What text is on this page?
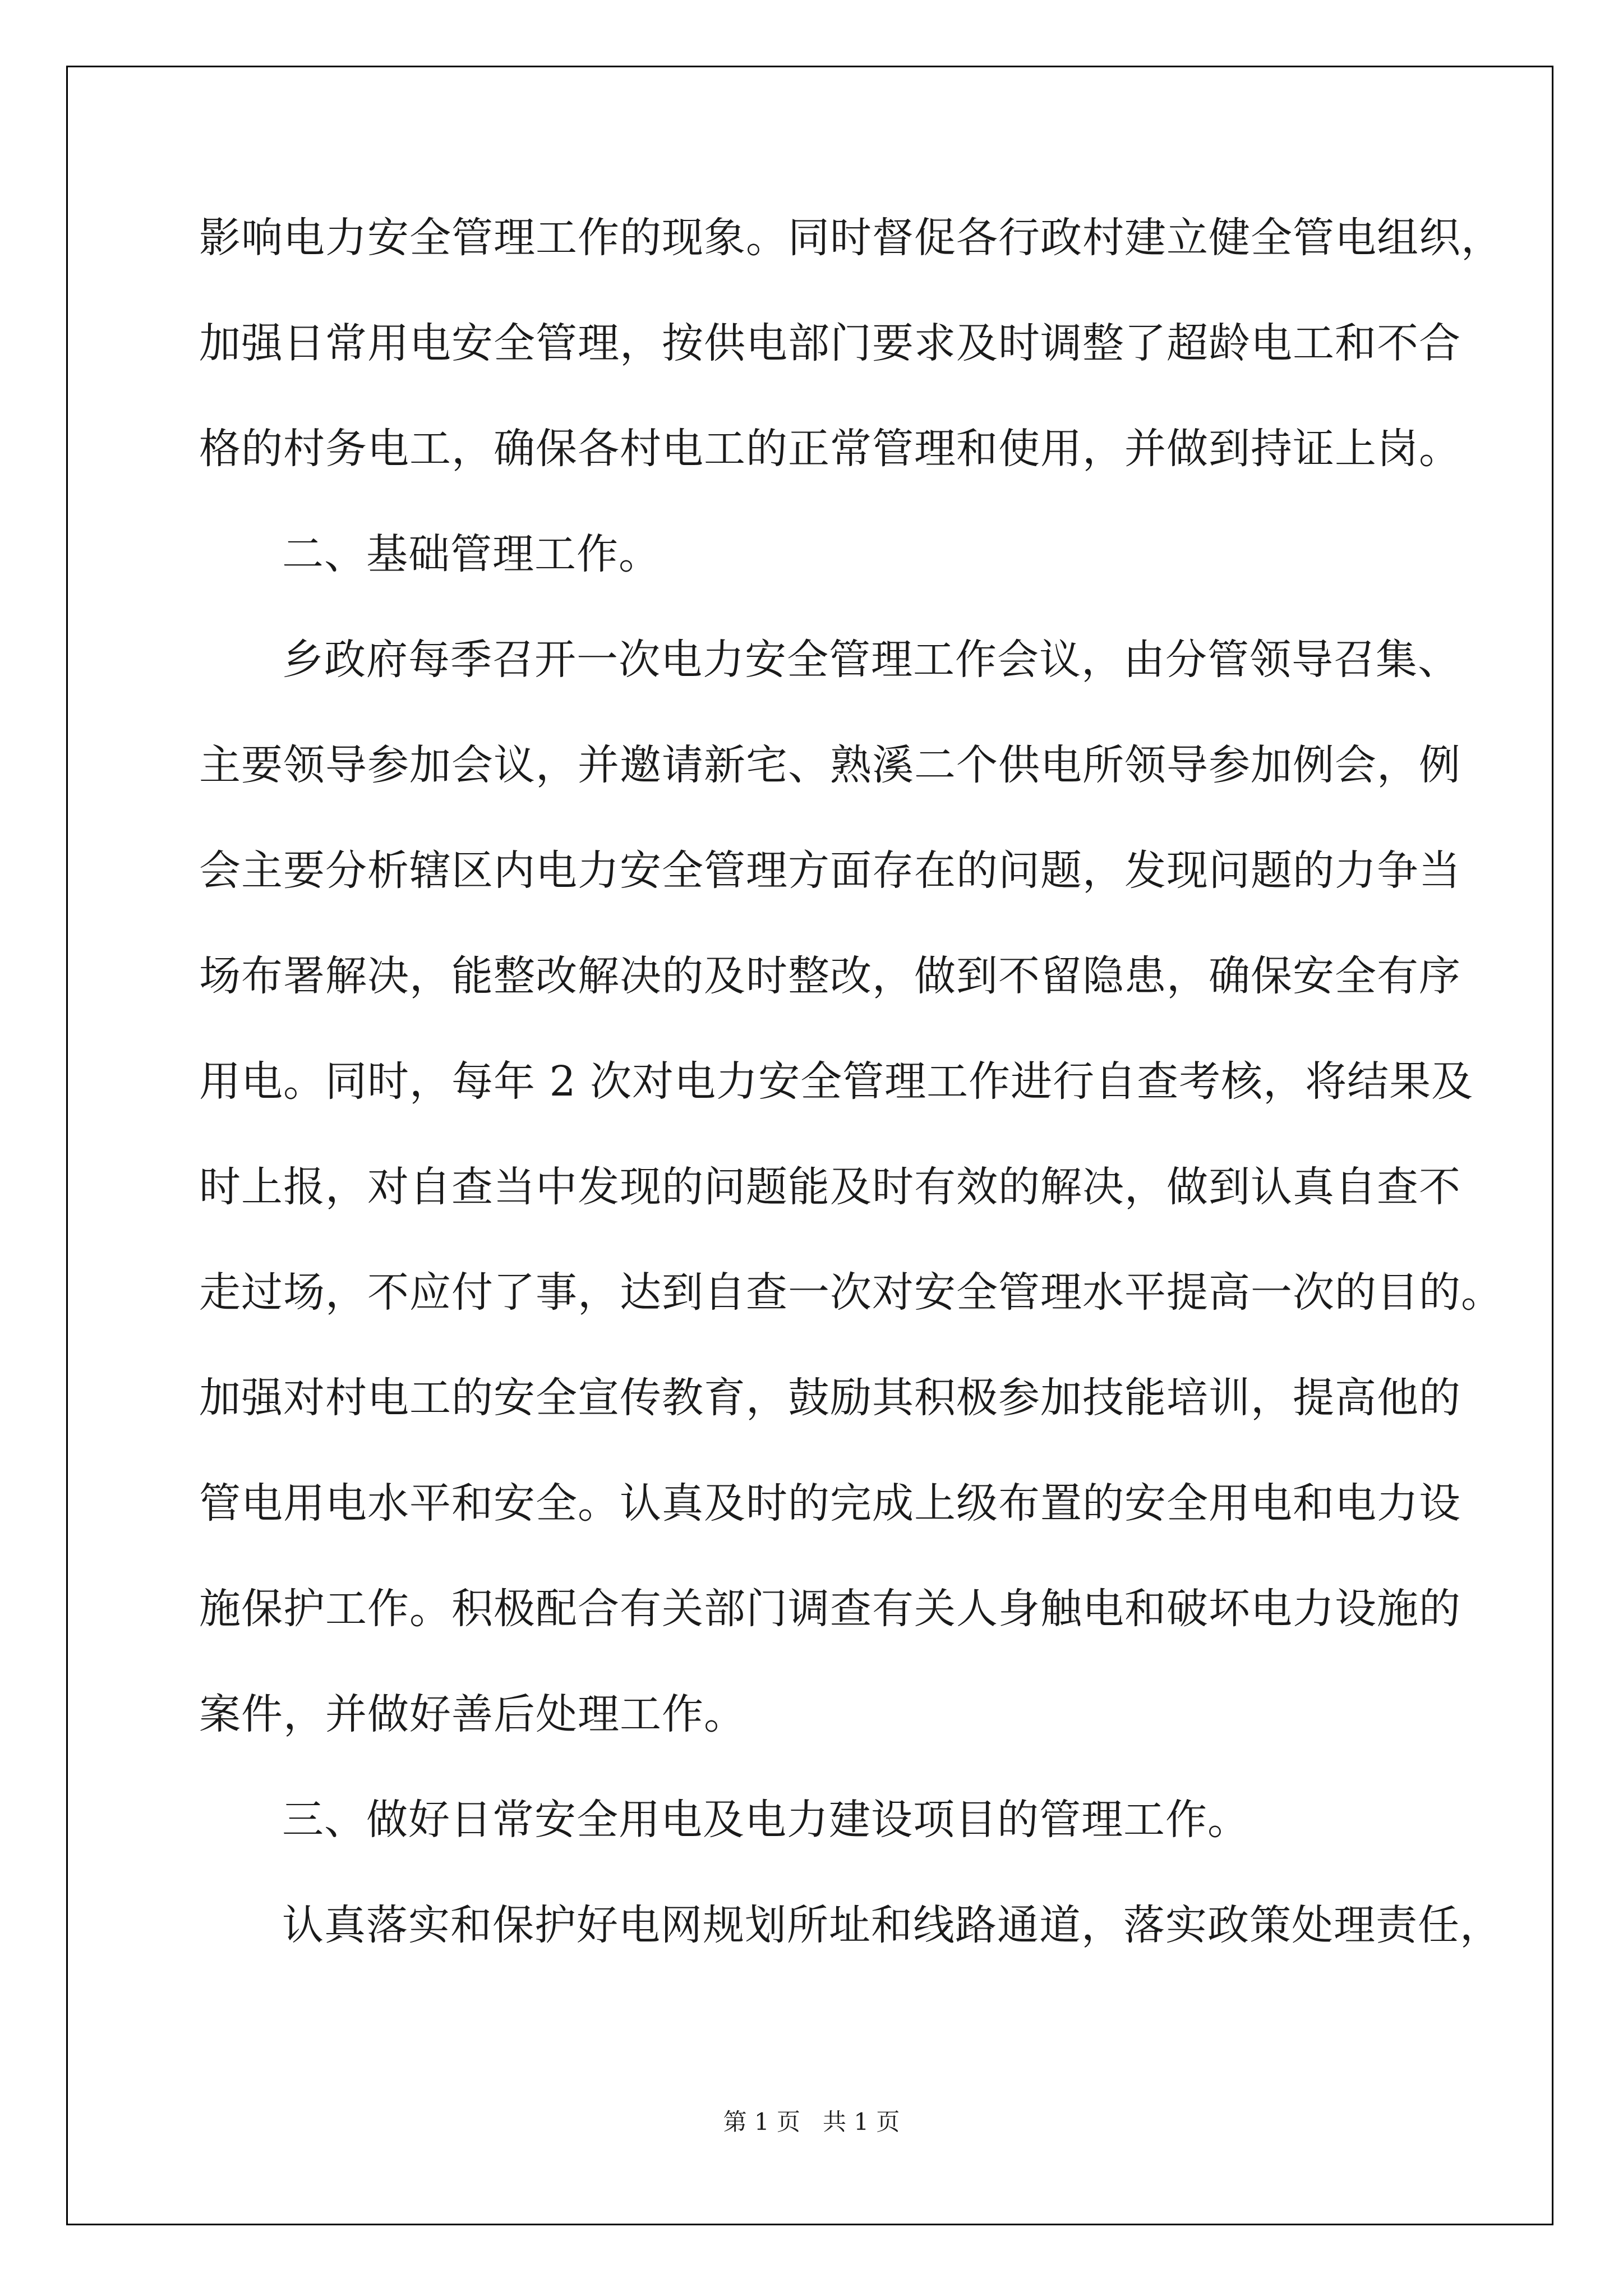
影响电力安全管理工作的现象。同时督促各行政村建立健全管电组织，
加强日常用电安全管理，按供电部门要求及时调整了超龄电工和不合
格的村务电工，确保各村电工的正常管理和使用，并做到持证上岗。
二、基础管理工作。
乡政府每季召开一次电力安全管理工作会议，由分管领导召集、
主要领导参加会议，并邀请新宅、熟溪二个供电所领导参加例会，例
会主要分析辖区内电力安全管理方面存在的问题，发现问题的力争当
场布署解决，能整改解决的及时整改，做到不留隐患，确保安全有序
用电。同时，每年 2 次对电力安全管理工作进行自查考核，将结果及
时上报，对自查当中发现的问题能及时有效的解决，做到认真自查不
走过场，不应付了事，达到自查一次对安全管理水平提高一次的目的。
加强对村电工的安全宣传教育，鼓励其积极参加技能培训，提高他的
管电用电水平和安全。认真及时的完成上级布置的安全用电和电力设
施保护工作。积极配合有关部门调查有关人身触电和破坏电力设施的
案件，并做好善后处理工作。
三、做好日常安全用电及电力建设项目的管理工作。
认真落实和保护好电网规划所址和线路通道，落实政策处理责任，
第 1 页 共 1 页
